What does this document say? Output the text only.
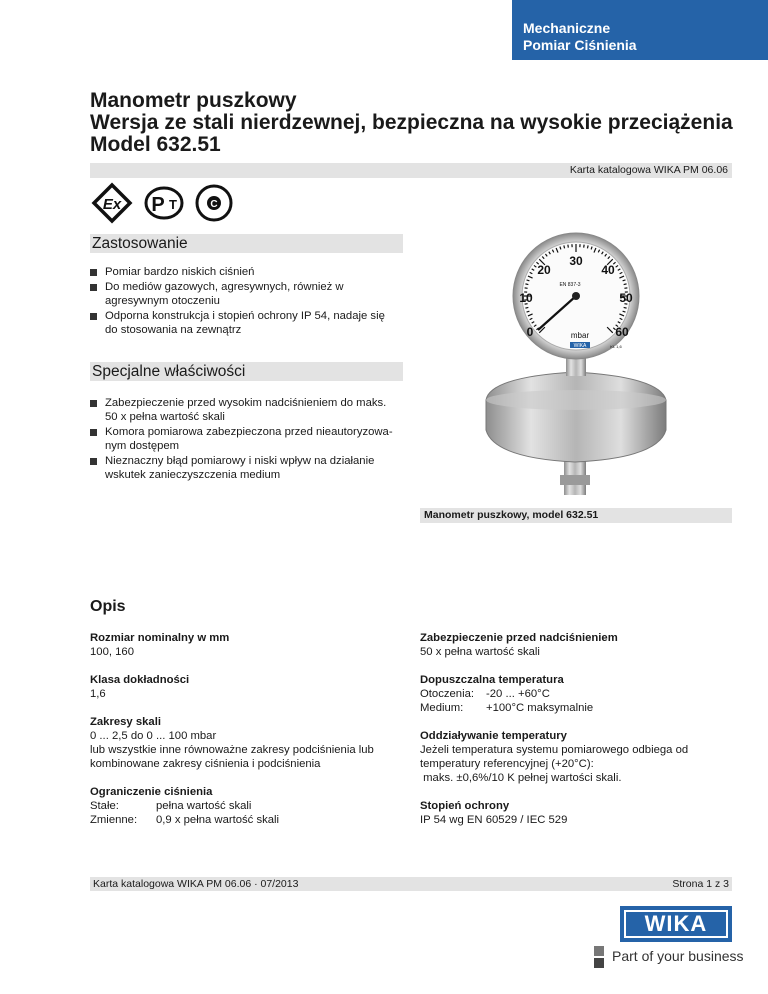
Mechaniczne
Pomiar Ciśnienia
Manometr puszkowy
Wersja ze stali nierdzewnej, bezpieczna na wysokie przeciążenia
Model 632.51
Karta katalogowa WIKA PM 06.06
Ex P T	C
Zastosowanie
Pomiar bardzo niskich ciśnień
Do mediów gazowych, agresywnych, również w
agresywnym otoczeniu
Odporna konstrukcja i stopień ochrony IP 54, nadaje się
do stosowania na zewnątrz
Specjalne właściwości
Zabezpieczenie przed wysokim nadciśnieniem do maks.
50 x pełna wartość skali
Komora pomiarowa zabezpieczona przed nieautoryzowa-
nym dostępem
Nieznaczny błąd pomiarowy i niski wpływ na działanie
wskutek zanieczyszczenia medium
0
10
20
30
40
50
60
EN 837-3
mbar
WIKA	KL 1,6
Manometr puszkowy, model 632.51
Opis
Rozmiar nominalny w mm
100, 160
Klasa dokładności
1,6
Zakresy skali
0 ... 2,5 do 0 ... 100 mbar
lub wszystkie inne równoważne zakresy podciśnienia lub
kombinowane zakresy ciśnienia i podciśnienia
Ograniczenie ciśnienia
Stałe:	pełna wartość skali
Zmienne: 0,9 x pełna wartość skali
Zabezpieczenie przed nadciśnieniem
50 x pełna wartość skali
Dopuszczalna temperatura
Otoczenia: -20 ... +60°C
Medium: +100°C maksymalnie
Oddziaływanie temperatury
Jeżeli temperatura systemu pomiarowego odbiega od
temperatury referencyjnej (+20°C):
maks. ±0,6%/10 K pełnej wartości skali.
Stopień ochrony
IP 54 wg EN 60529 / IEC 529
Karta katalogowa WIKA PM 06.06 · 07/2013	Strona 1 z 3
WIKA
Part of your business
